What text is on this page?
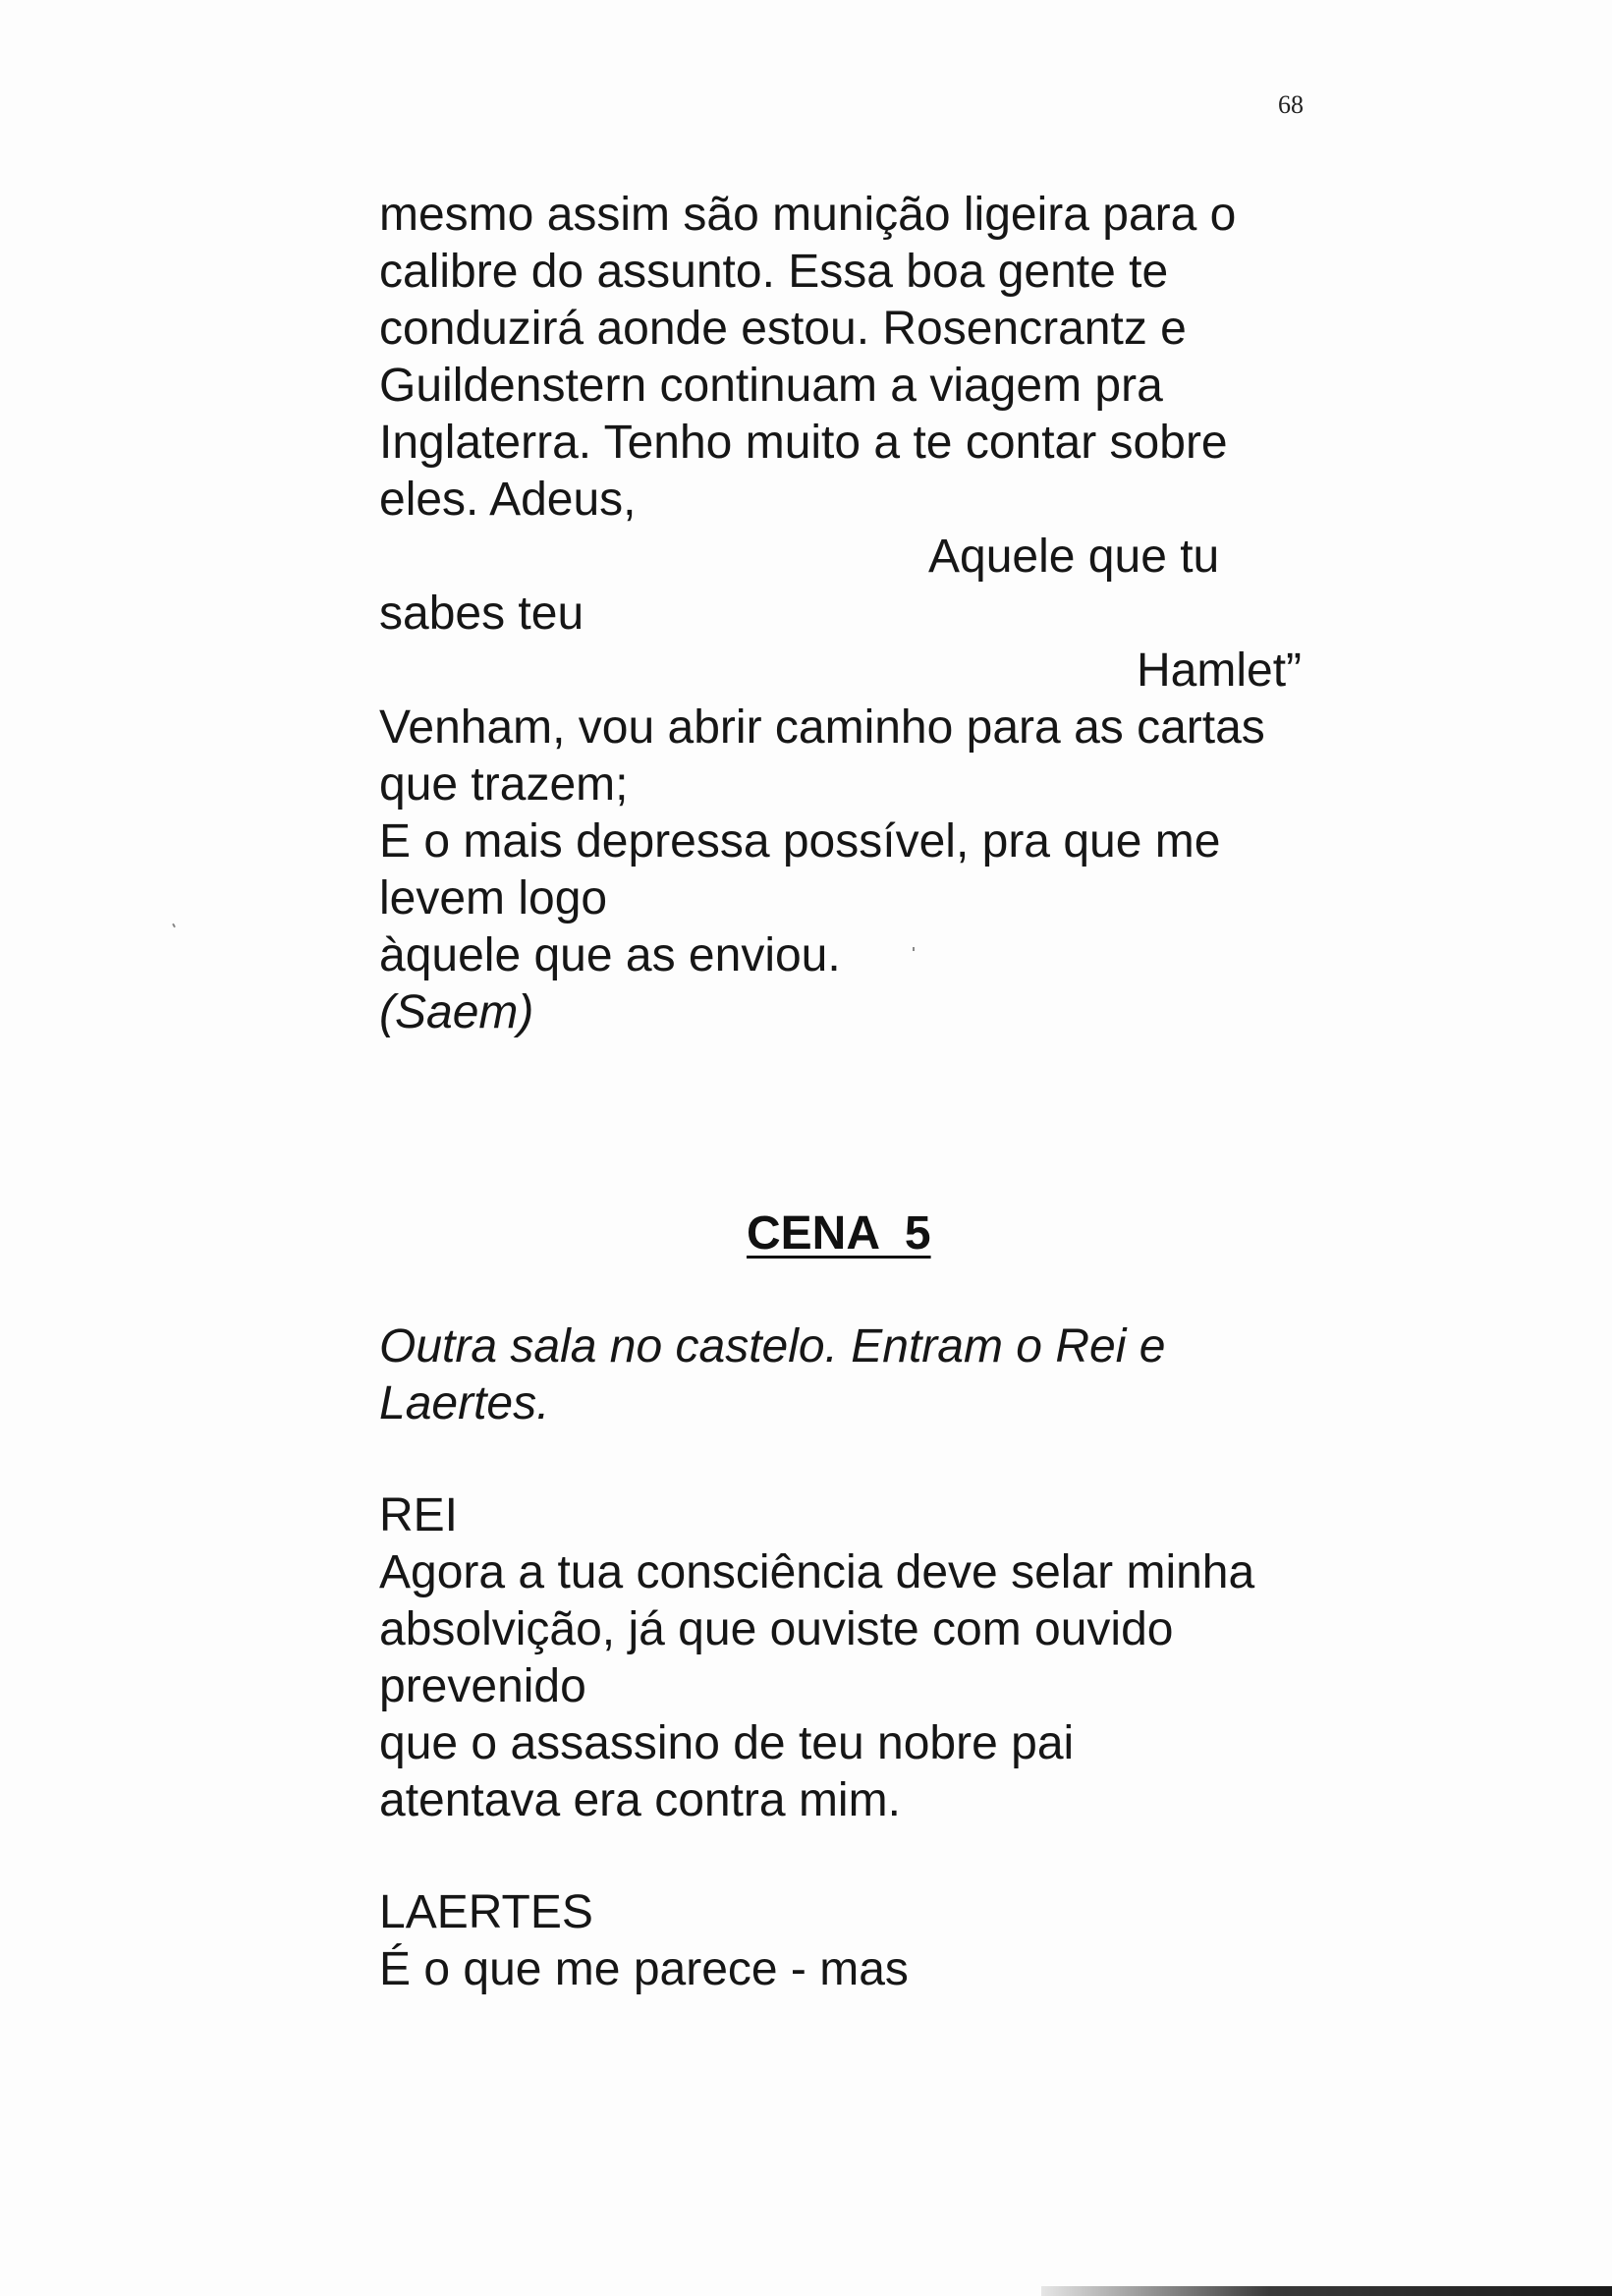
68
mesmo assim são munição ligeira para o
calibre do assunto. Essa boa gente te
conduzirá aonde estou. Rosencrantz e
Guildenstern continuam a viagem pra
Inglaterra. Tenho muito a te contar sobre
eles. Adeus,
Aquele que tu
sabes teu
Hamlet”
Venham, vou abrir caminho para as cartas
que trazem;
E o mais depressa possível, pra que me
levem logo
àquele que as enviou.
(Saem)
CENA  5
Outra sala no castelo. Entram o Rei e
Laertes.
REI
Agora a tua consciência deve selar minha
absolvição, já que ouviste com ouvido
prevenido
que o assassino de teu nobre pai
atentava era contra mim.
LAERTES
É o que me parece - mas
